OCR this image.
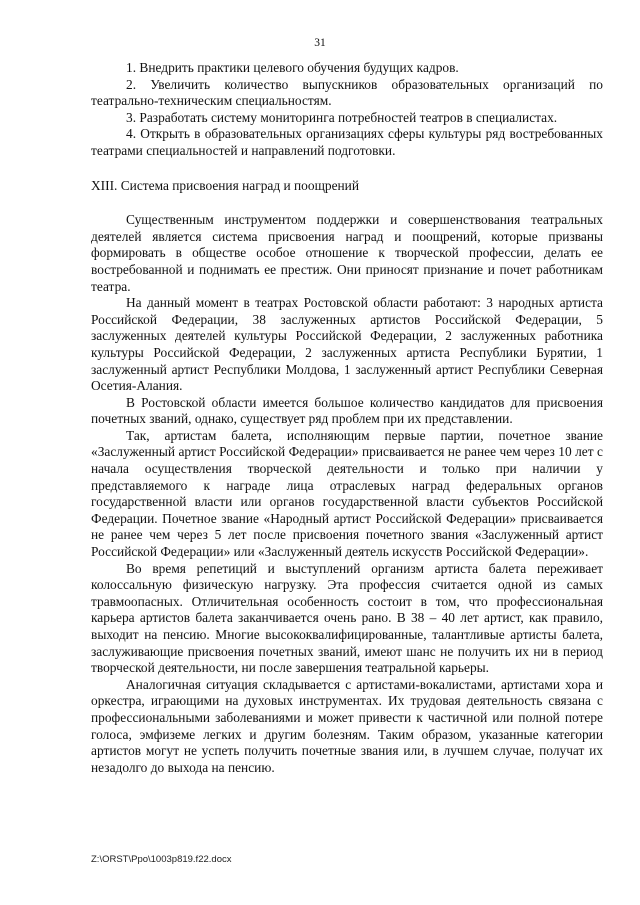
31

1. Внедрить практики целевого обучения будущих кадров.

2. Увеличить количество выпускников образовательных организаций по театрально-техническим специальностям.

3. Разработать систему мониторинга потребностей театров в специалистах.

4. Открыть в образовательных организациях сферы культуры ряд востребованных театрами специальностей и направлений подготовки.

XIII. Система присвоения наград и поощрений

Существенным инструментом поддержки и совершенствования театральных деятелей является система присвоения наград и поощрений, которые призваны формировать в обществе особое отношение к творческой профессии, делать ее востребованной и поднимать ее престиж. Они приносят признание и почет работникам театра.

На данный момент в театрах Ростовской области работают: 3 народных артиста Российской Федерации, 38 заслуженных артистов Российской Федерации, 5 заслуженных деятелей культуры Российской Федерации, 2 заслуженных работника культуры Российской Федерации, 2 заслуженных артиста Республики Бурятии, 1 заслуженный артист Республики Молдова, 1 заслуженный артист Республики Северная Осетия-Алания.

В Ростовской области имеется большое количество кандидатов для присвоения почетных званий, однако, существует ряд проблем при их представлении.

Так, артистам балета, исполняющим первые партии, почетное звание «Заслуженный артист Российской Федерации» присваивается не ранее чем через 10 лет с начала осуществления творческой деятельности и только при наличии у представляемого к награде лица отраслевых наград федеральных органов государственной власти или органов государственной власти субъектов Российской Федерации. Почетное звание «Народный артист Российской Федерации» присваивается не ранее чем через 5 лет после присвоения почетного звания «Заслуженный артист Российской Федерации» или «Заслуженный деятель искусств Российской Федерации».

Во время репетиций и выступлений организм артиста балета переживает колоссальную физическую нагрузку. Эта профессия считается одной из самых травмоопасных. Отличительная особенность состоит в том, что профессиональная карьера артистов балета заканчивается очень рано. В 38 – 40 лет артист, как правило, выходит на пенсию. Многие высококвалифицированные, талантливые артисты балета, заслуживающие присвоения почетных званий, имеют шанс не получить их ни в период творческой деятельности, ни после завершения театральной карьеры.

Аналогичная ситуация складывается с артистами-вокалистами, артистами хора и оркестра, играющими на духовых инструментах. Их трудовая деятельность связана с профессиональными заболеваниями и может привести к частичной или полной потере голоса, эмфиземе легких и другим болезням. Таким образом, указанные категории артистов могут не успеть получить почетные звания или, в лучшем случае, получат их незадолго до выхода на пенсию.

Z:\ORST\Ppo\1003p819.f22.docx
